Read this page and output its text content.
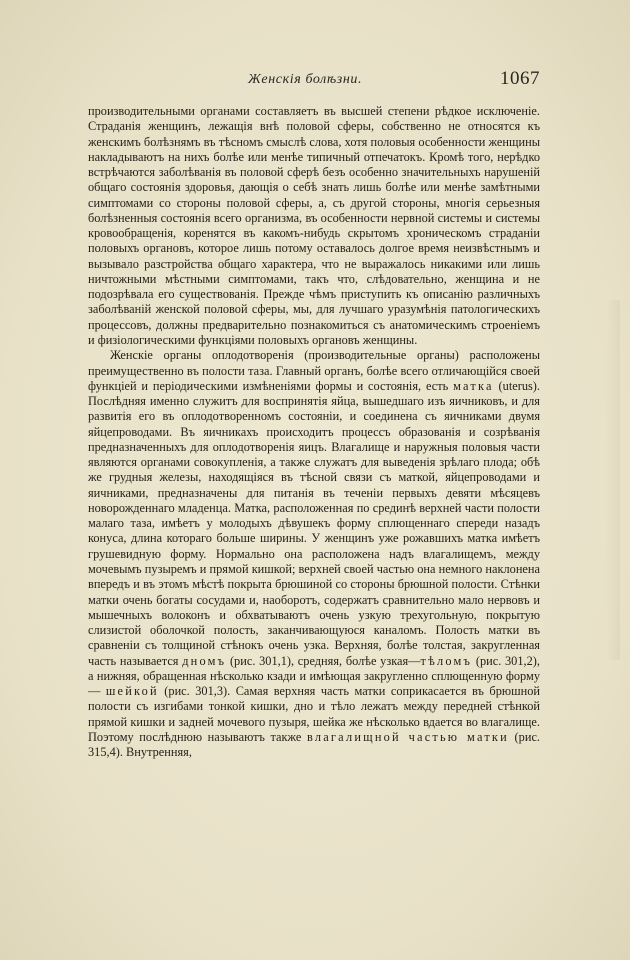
Женскія болѣзни.	1067

производительными органами составляетъ въ высшей степени рѣдкое исключеніе. Страданія женщинъ, лежащія внѣ половой сферы, собственно не относятся къ женскимъ болѣзнямъ въ тѣсномъ смыслѣ слова, хотя половыя особенности женщины накладываютъ на нихъ болѣе или менѣе типичный отпечатокъ. Кромѣ того, нерѣдко встрѣчаются заболѣванія въ половой сферѣ безъ особенно значительныхъ нарушеній общаго состоянія здоровья, дающія о себѣ знать лишь болѣе или менѣе замѣтными симптомами со стороны половой сферы, а, съ другой стороны, многія серьезныя болѣзненныя состоянія всего организма, въ особенности нервной системы и системы кровообращенія, коренятся въ какомъ-нибудь скрытомъ хроническомъ страданіи половыхъ органовъ, которое лишь потому оставалось долгое время неизвѣстнымъ и вызывало разстройства общаго характера, что не выражалось никакими или лишь ничтожными мѣстными симптомами, такъ что, слѣдовательно, женщина и не подозрѣвала его существованія. Прежде чѣмъ приступить къ описанію различныхъ заболѣваній женской половой сферы, мы, для лучшаго уразумѣнія патологическихъ процессовъ, должны предварительно познакомиться съ анатомическимъ строеніемъ и физіологическими функціями половыхъ органовъ женщины.

Женскіе органы оплодотворенія (производительные органы) расположены преимущественно въ полости таза. Главный органъ, болѣе всего отличающійся своей функціей и періодическими измѣненіями формы и состоянія, есть матка (uterus). Послѣдняя именно служитъ для воспринятія яйца, вышедшаго изъ яичниковъ, и для развитія его въ оплодотворенномъ состояніи, и соединена съ яичниками двумя яйцепроводами. Въ яичникахъ происходитъ процессъ образованія и созрѣванія предназначенныхъ для оплодотворенія яицъ. Влагалище и наружныя половыя части являются органами совокупленія, а также служатъ для выведенія зрѣлаго плода; обѣ же грудныя железы, находящіяся въ тѣсной связи съ маткой, яйцепроводами и яичниками, предназначены для питанія въ теченіи первыхъ девяти мѣсяцевъ новорожденнаго младенца. Матка, расположенная по срединѣ верхней части полости малаго таза, имѣетъ у молодыхъ дѣвушекъ форму сплющеннаго спереди назадъ конуса, длина котораго больше ширины. У женщинъ уже рожавшихъ матка имѣетъ грушевидную форму. Нормально она расположена надъ влагалищемъ, между мочевымъ пузыремъ и прямой кишкой; верхней своей частью она немного наклонена впередъ и въ этомъ мѣстѣ покрыта брюшиной со стороны брюшной полости. Стѣнки матки очень богаты сосудами и, наоборотъ, содержатъ сравнительно мало нервовъ и мышечныхъ волоконъ и обхватываютъ очень узкую трехугольную, покрытую слизистой оболочкой полость, заканчивающуюся каналомъ. Полость матки въ сравненіи съ толщиной стѣнокъ очень узка. Верхняя, болѣе толстая, закругленная часть называется дномъ (рис. 301,1), средняя, болѣе узкая—тѣломъ (рис. 301,2), а нижняя, обращенная нѣсколько кзади и имѣющая закругленно сплющенную форму — шейкой (рис. 301,3). Самая верхняя часть матки соприкасается въ брюшной полости съ изгибами тонкой кишки, дно и тѣло лежатъ между передней стѣнкой прямой кишки и задней мочевого пузыря, шейка же нѣсколько вдается во влагалище. Поэтому послѣднюю называютъ также влагалищной частью матки (рис. 315,4). Внутренняя,
